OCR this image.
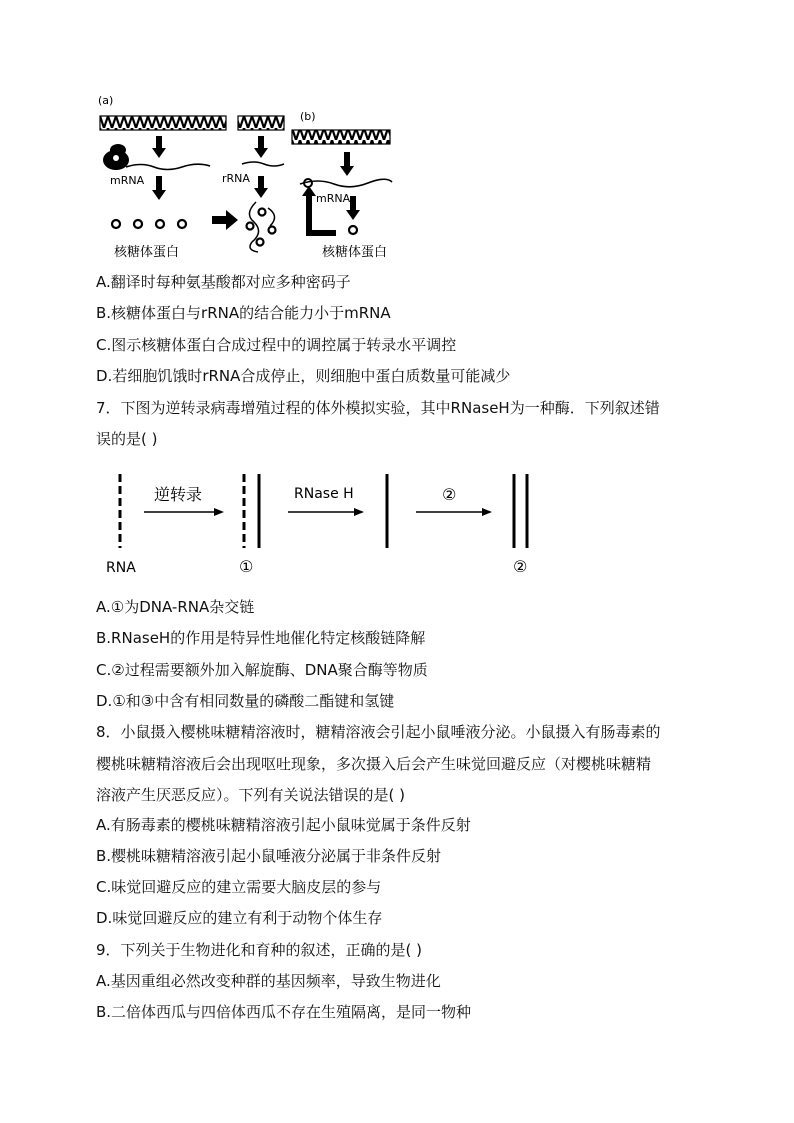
(a)
(b)
mRNA
核糖体蛋白
rRNA
mRNA
核糖体蛋白
A.翻译时每种氨基酸都对应多种密码子
B.核糖体蛋白与rRNA的结合能力小于mRNA
C.图示核糖体蛋白合成过程中的调控属于转录水平调控
D.若细胞饥饿时rRNA合成停止，则细胞中蛋白质数量可能减少
7．下图为逆转录病毒增殖过程的体外模拟实验，其中RNaseH为一种酶．下列叙述错
误的是( )
RNA
逆转录
①
RNase H	②
②
A.①为DNA-RNA杂交链
B.RNaseH的作用是特异性地催化特定核酸链降解
C.②过程需要额外加入解旋酶、DNA聚合酶等物质
D.①和③中含有相同数量的磷酸二酯键和氢键
8．小鼠摄入樱桃味糖精溶液时，糖精溶液会引起小鼠唾液分泌。小鼠摄入有肠毒素的
樱桃味糖精溶液后会出现呕吐现象，多次摄入后会产生味觉回避反应（对樱桃味糖精
溶液产生厌恶反应）。下列有关说法错误的是( )
A.有肠毒素的樱桃味糖精溶液引起小鼠味觉属于条件反射
B.樱桃味糖精溶液引起小鼠唾液分泌属于非条件反射
C.味觉回避反应的建立需要大脑皮层的参与
D.味觉回避反应的建立有利于动物个体生存
9．下列关于生物进化和育种的叙述，正确的是( )
A.基因重组必然改变种群的基因频率，导致生物进化
B.二倍体西瓜与四倍体西瓜不存在生殖隔离，是同一物种
